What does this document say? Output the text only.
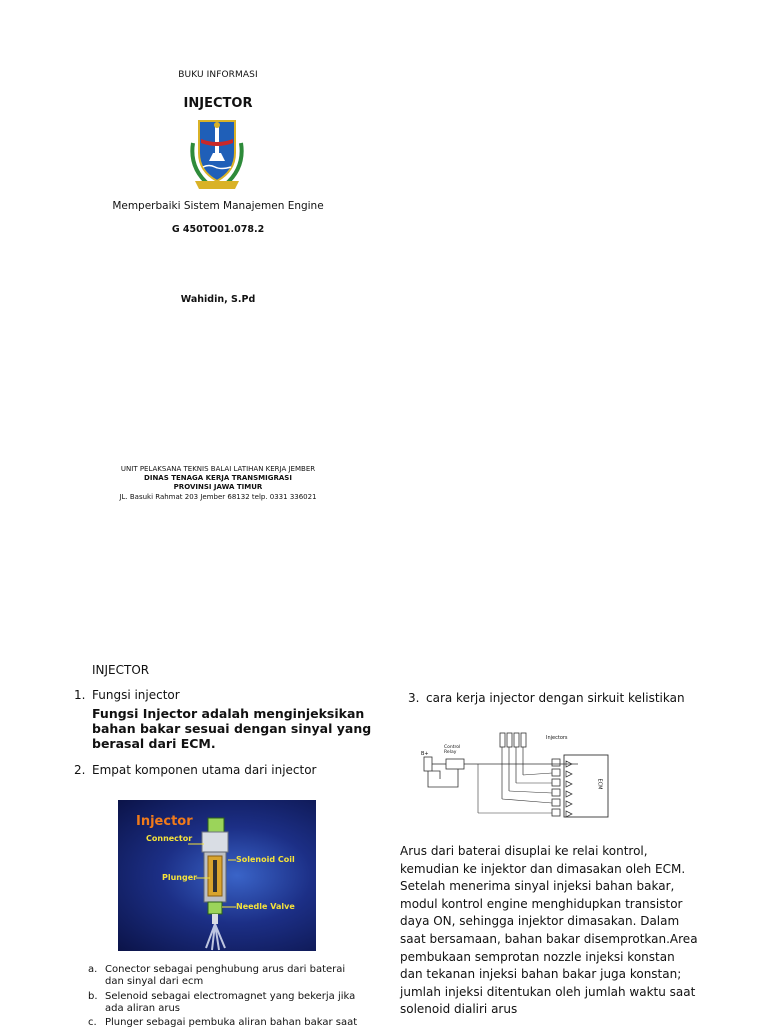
BUKU INFORMASI
INJECTOR
Memperbaiki Sistem Manajemen Engine
G 450TO01.078.2
Wahidin, S.Pd
UNIT PELAKSANA TEKNIS BALAI LATIHAN KERJA JEMBER
DINAS TENAGA KERJA TRANSMIGRASI
PROVINSI JAWA TIMUR
JL. Basuki Rahmat 203 Jember 68132 telp. 0331 336021
INJECTOR
1. Fungsi injector
Fungsi Injector adalah menginjeksikan bahan bakar sesuai dengan sinyal yang berasal dari ECM.
2. Empat komponen utama dari injector
Injector
Connector
Solenoid Coil
Plunger
Needle Valve
a. Conector sebagai penghubung arus dari baterai dan sinyal dari ecm
b. Selenoid sebagai electromagnet yang bekerja jika ada aliran arus
c. Plunger sebagai pembuka aliran bahan bakar saat
3. cara kerja injector dengan sirkuit kelistikan
Injectors
Control Relay
B+
ECM
Arus dari baterai disuplai ke relai kontrol, kemudian ke injektor dan dimasakan oleh ECM. Setelah menerima sinyal injeksi bahan bakar, modul kontrol engine menghidupkan transistor daya ON, sehingga injektor dimasakan. Dalam saat bersamaan, bahan bakar disemprotkan.Area pembukaan semprotan nozzle injeksi konstan dan tekanan injeksi bahan bakar juga konstan; jumlah injeksi ditentukan oleh jumlah waktu saat solenoid dialiri arus
